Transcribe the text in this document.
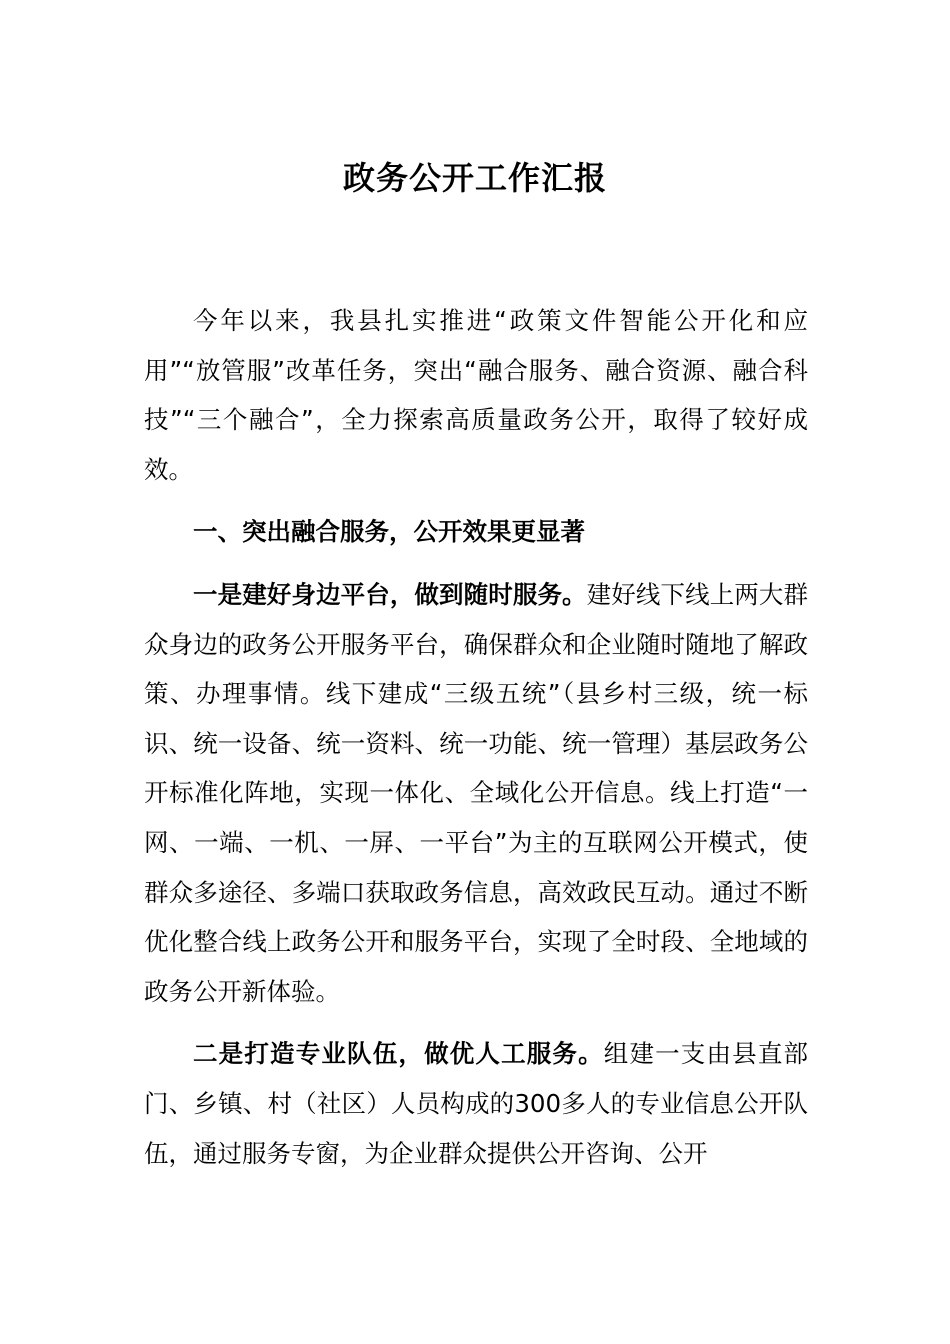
政务公开工作汇报

今年以来，我县扎实推进“政策文件智能公开化和应用”“放管服”改革任务，突出“融合服务、融合资源、融合科技”“三个融合”，全力探索高质量政务公开，取得了较好成效。

一、突出融合服务，公开效果更显著

一是建好身边平台，做到随时服务。建好线下线上两大群众身边的政务公开服务平台，确保群众和企业随时随地了解政策、办理事情。线下建成“三级五统”（县乡村三级，统一标识、统一设备、统一资料、统一功能、统一管理）基层政务公开标准化阵地，实现一体化、全域化公开信息。线上打造“一网、一端、一机、一屏、一平台”为主的互联网公开模式，使群众多途径、多端口获取政务信息，高效政民互动。通过不断优化整合线上政务公开和服务平台，实现了全时段、全地域的政务公开新体验。

二是打造专业队伍，做优人工服务。组建一支由县直部门、乡镇、村（社区）人员构成的300多人的专业信息公开队伍，通过服务专窗，为企业群众提供公开咨询、公开
